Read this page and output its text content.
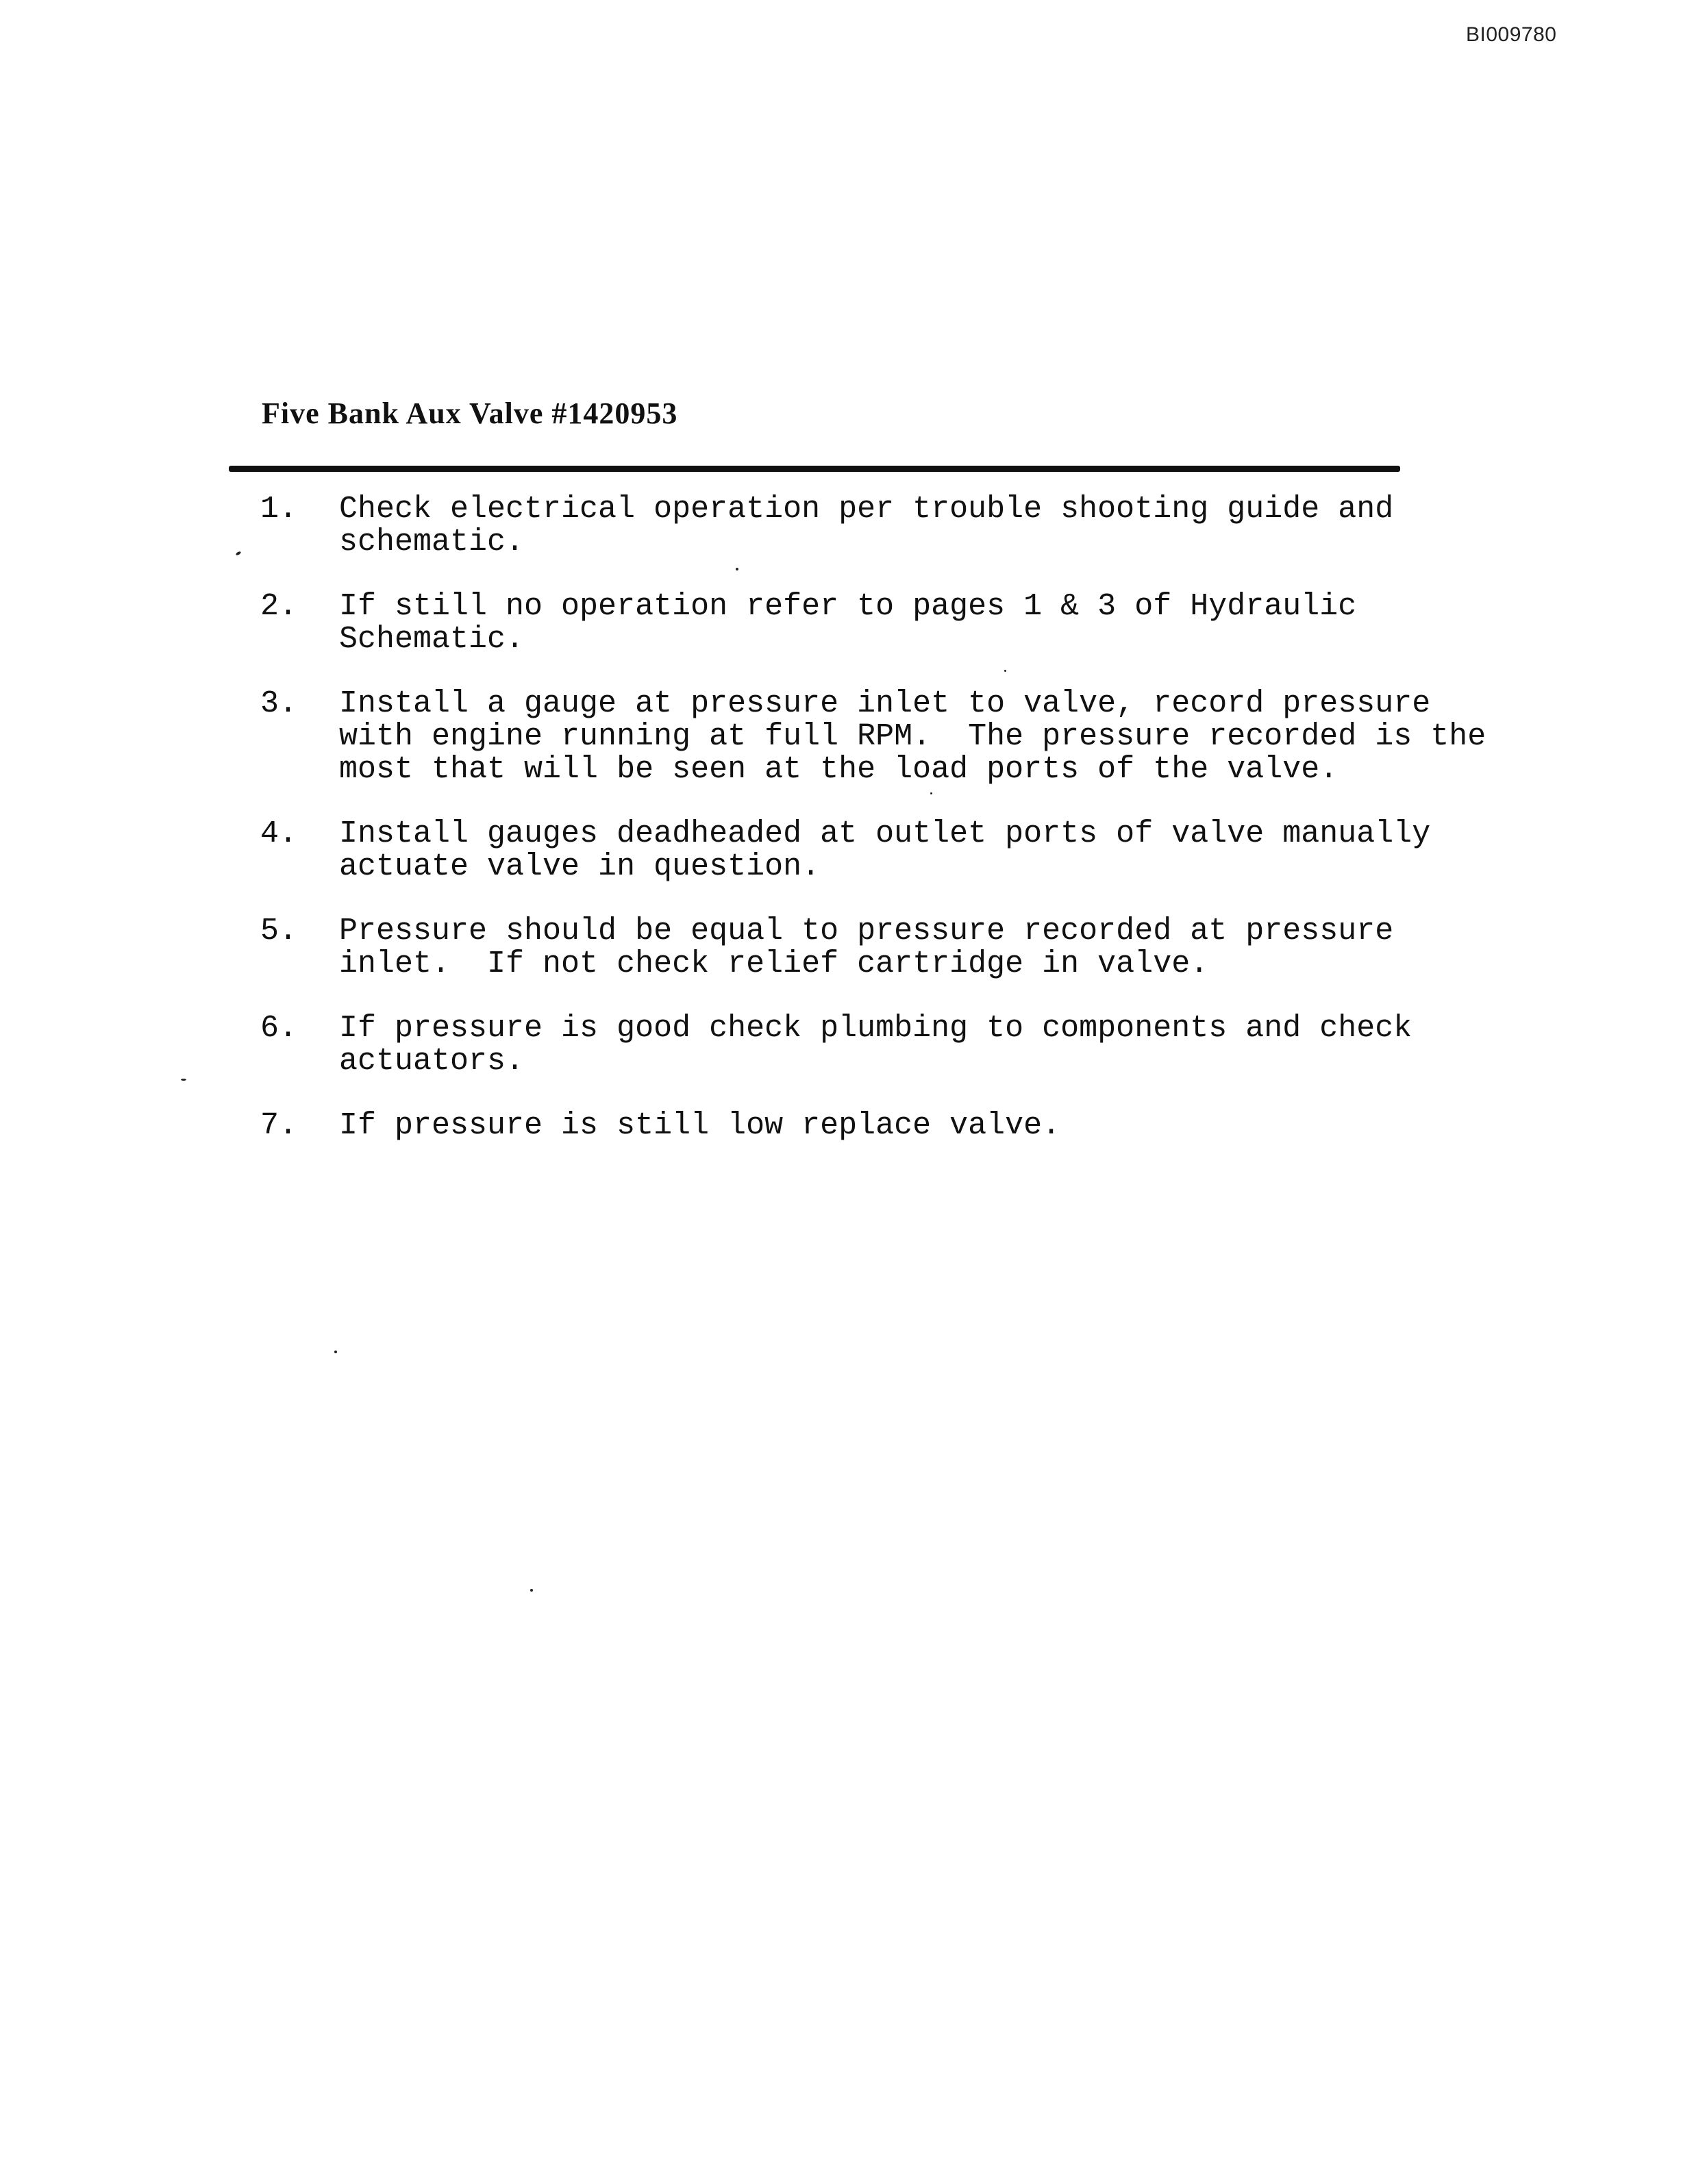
BI009780
Five Bank Aux Valve #1420953
1.	Check electrical operation per trouble shooting guide and
schematic.
2.	If still no operation refer to pages 1 & 3 of Hydraulic
Schematic.
3.	Install a gauge at pressure inlet to valve, record pressure
with engine running at full RPM.  The pressure recorded is the
most that will be seen at the load ports of the valve.
4.	Install gauges deadheaded at outlet ports of valve manually
actuate valve in question.
5.	Pressure should be equal to pressure recorded at pressure
inlet.  If not check relief cartridge in valve.
6.	If pressure is good check plumbing to components and check
actuators.
7.	If pressure is still low replace valve.
